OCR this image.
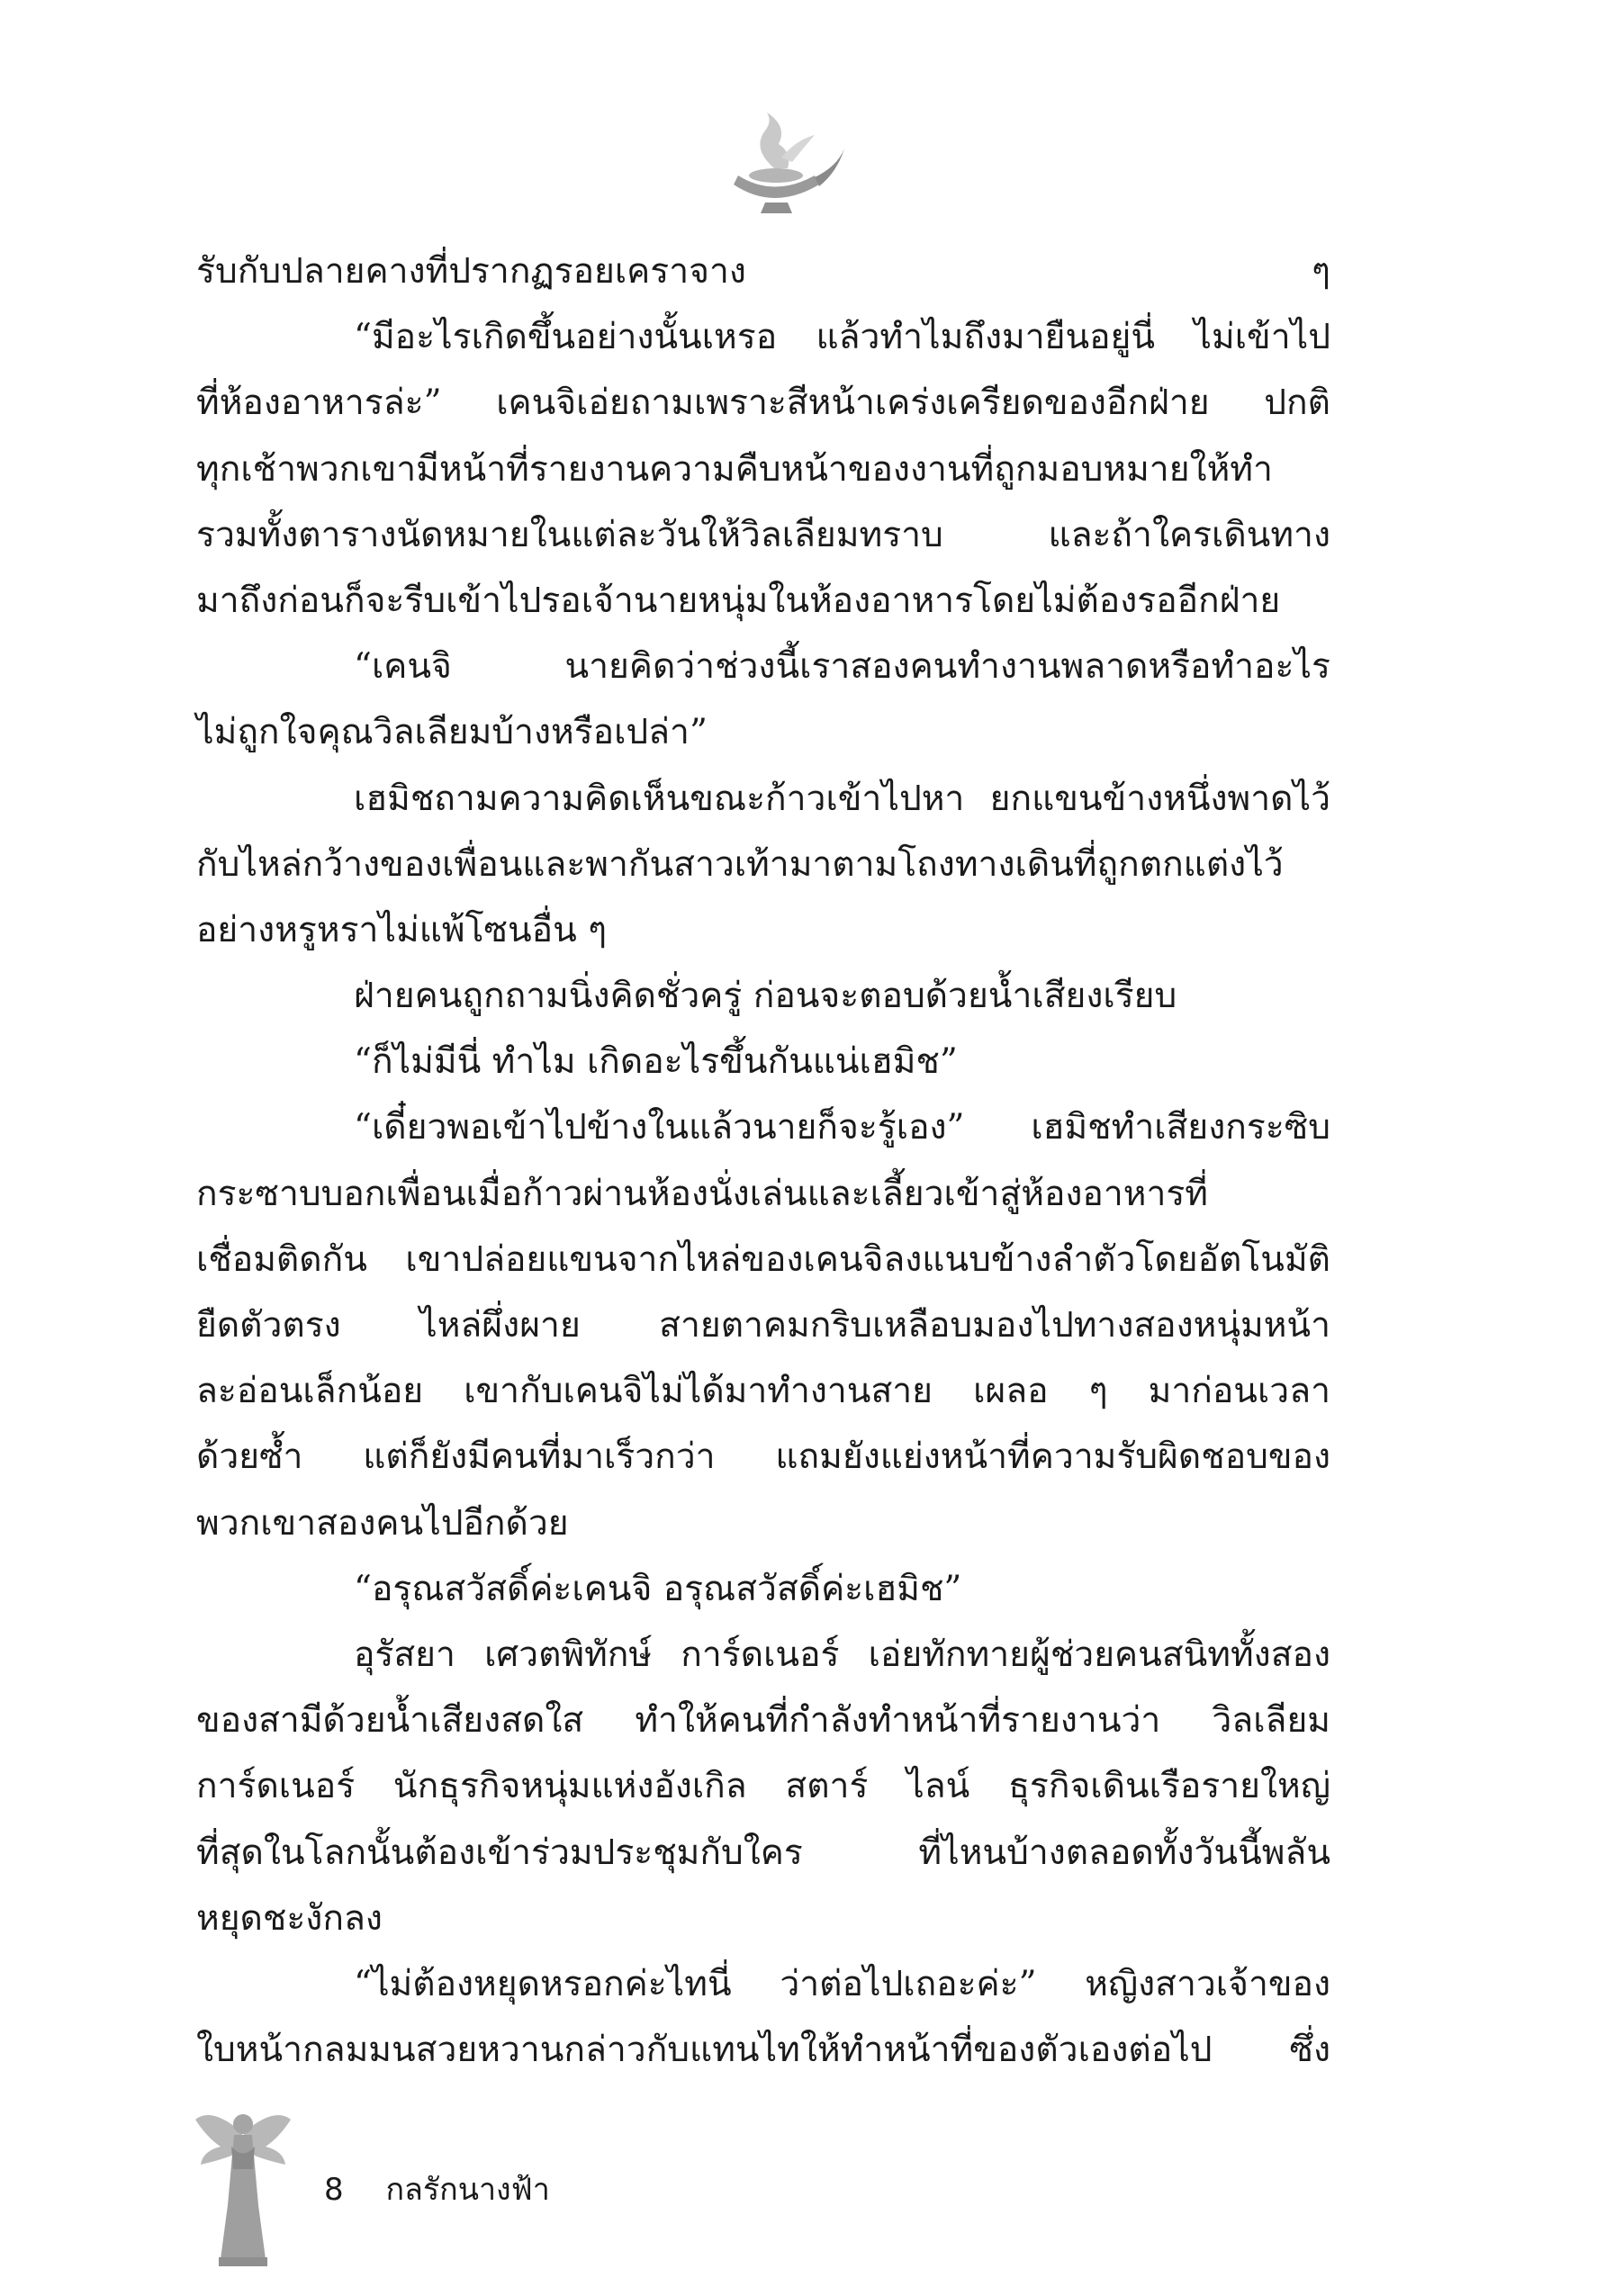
รับกับปลายคางที่ปรากฏรอยเคราจาง ๆ
“มีอะไรเกิดขึ้นอย่างนั้นเหรอ แล้วทำไมถึงมายืนอยู่นี่ ไม่เข้าไป
ที่ห้องอาหารล่ะ” เคนจิเอ่ยถามเพราะสีหน้าเคร่งเครียดของอีกฝ่าย ปกติ
ทุกเช้าพวกเขามีหน้าที่รายงานความคืบหน้าของงานที่ถูกมอบหมายให้ทำ
รวมทั้งตารางนัดหมายในแต่ละวันให้วิลเลียมทราบ และถ้าใครเดินทาง
มาถึงก่อนก็จะรีบเข้าไปรอเจ้านายหนุ่มในห้องอาหารโดยไม่ต้องรออีกฝ่าย
“เคนจิ นายคิดว่าช่วงนี้เราสองคนทำงานพลาดหรือทำอะไร
ไม่ถูกใจคุณวิลเลียมบ้างหรือเปล่า”
เฮมิชถามความคิดเห็นขณะก้าวเข้าไปหา ยกแขนข้างหนึ่งพาดไว้
กับไหล่กว้างของเพื่อนและพากันสาวเท้ามาตามโถงทางเดินที่ถูกตกแต่งไว้
อย่างหรูหราไม่แพ้โซนอื่น ๆ
ฝ่ายคนถูกถามนิ่งคิดชั่วครู่ ก่อนจะตอบด้วยน้ำเสียงเรียบ
“ก็ไม่มีนี่ ทำไม เกิดอะไรขึ้นกันแน่เฮมิช”
“เดี๋ยวพอเข้าไปข้างในแล้วนายก็จะรู้เอง” เฮมิชทำเสียงกระซิบ
กระซาบบอกเพื่อนเมื่อก้าวผ่านห้องนั่งเล่นและเลี้ยวเข้าสู่ห้องอาหารที่
เชื่อมติดกัน เขาปล่อยแขนจากไหล่ของเคนจิลงแนบข้างลำตัวโดยอัตโนมัติ
ยืดตัวตรง ไหล่ผึ่งผาย สายตาคมกริบเหลือบมองไปทางสองหนุ่มหน้า
ละอ่อนเล็กน้อย เขากับเคนจิไม่ได้มาทำงานสาย เผลอ ๆ มาก่อนเวลา
ด้วยซ้ำ แต่ก็ยังมีคนที่มาเร็วกว่า แถมยังแย่งหน้าที่ความรับผิดชอบของ
พวกเขาสองคนไปอีกด้วย
“อรุณสวัสดิ์ค่ะเคนจิ อรุณสวัสดิ์ค่ะเฮมิช”
อุรัสยา เศวตพิทักษ์ การ์ดเนอร์ เอ่ยทักทายผู้ช่วยคนสนิททั้งสอง
ของสามีด้วยน้ำเสียงสดใส ทำให้คนที่กำลังทำหน้าที่รายงานว่า วิลเลียม
การ์ดเนอร์ นักธุรกิจหนุ่มแห่งอังเกิล สตาร์ ไลน์ ธุรกิจเดินเรือรายใหญ่
ที่สุดในโลกนั้นต้องเข้าร่วมประชุมกับใคร ที่ไหนบ้างตลอดทั้งวันนี้พลัน
หยุดชะงักลง
“ไม่ต้องหยุดหรอกค่ะไทนี่ ว่าต่อไปเถอะค่ะ” หญิงสาวเจ้าของ
ใบหน้ากลมมนสวยหวานกล่าวกับแทนไทให้ทำหน้าที่ของตัวเองต่อไป ซึ่ง
8 กลรักนางฟ้า
